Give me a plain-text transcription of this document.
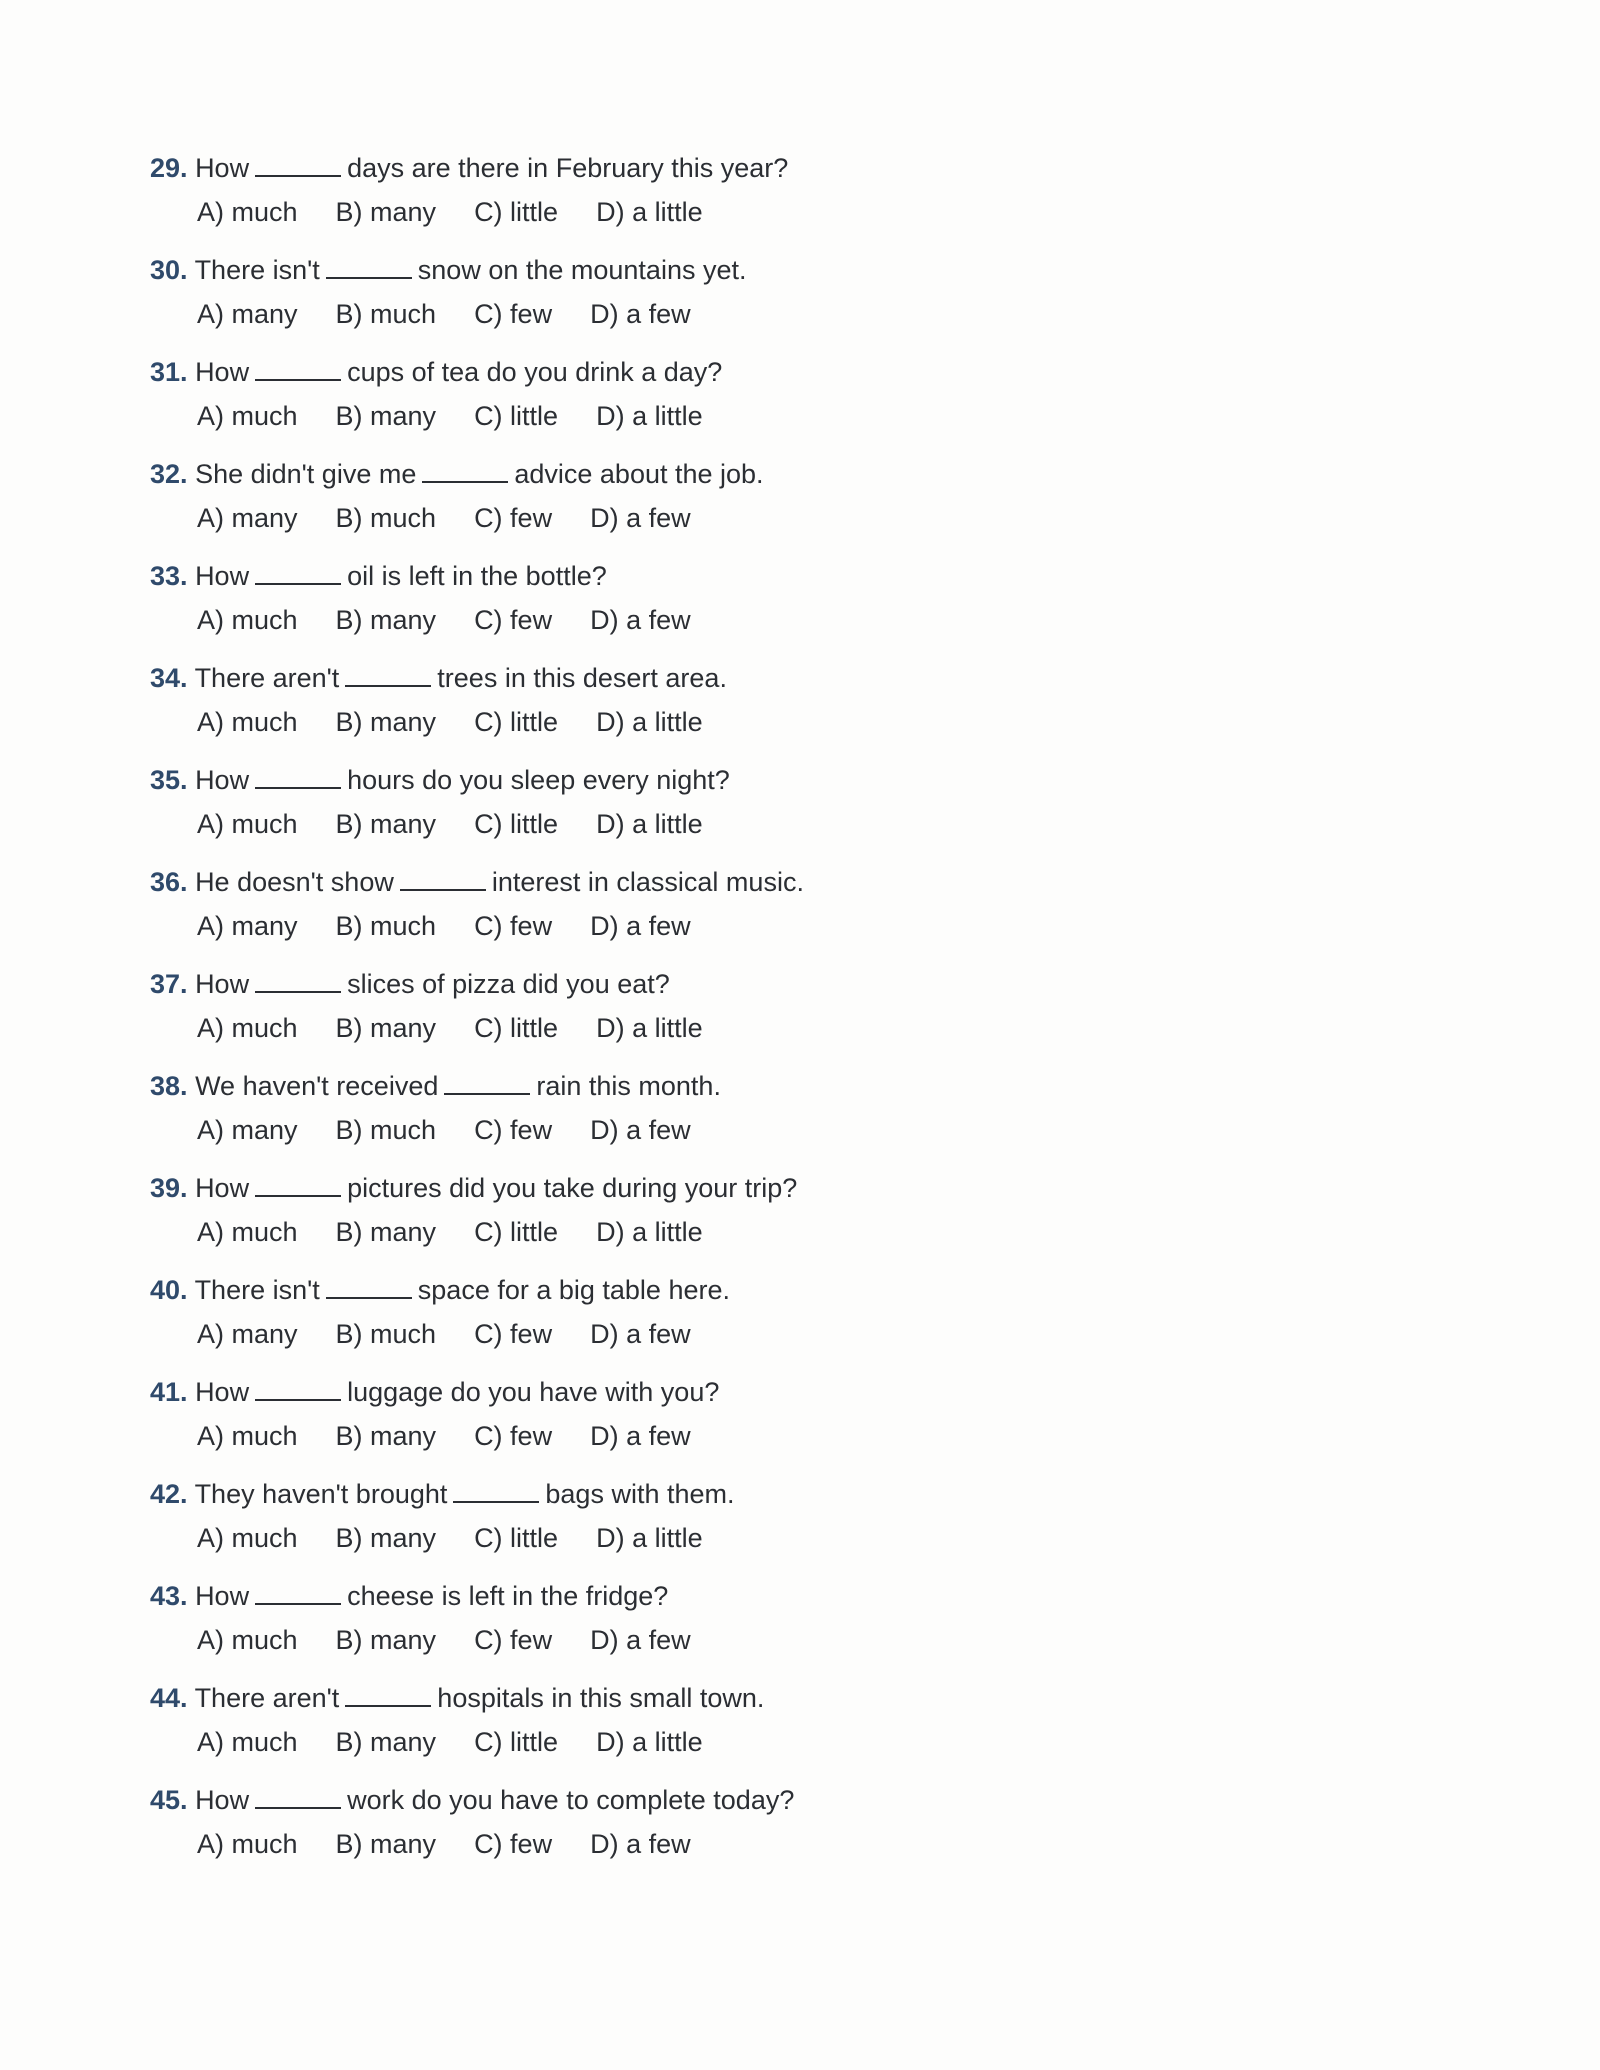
29. How	days are there in February this year?
A) much B) many C) little D) a little
30. There isn't	snow on the mountains yet.
A) many B) much C) few D) a few
31. How	cups of tea do you drink a day?
A) much B) many C) little D) a little
32. She didn't give me	advice about the job.
A) many B) much C) few D) a few
33. How	oil is left in the bottle?
A) much B) many C) few D) a few
34. There aren't	trees in this desert area.
A) much B) many C) little D) a little
35. How	hours do you sleep every night?
A) much B) many C) little D) a little
36. He doesn't show	interest in classical music.
A) many B) much C) few D) a few
37. How	slices of pizza did you eat?
A) much B) many C) little D) a little
38. We haven't received	rain this month.
A) many B) much C) few D) a few
39. How	pictures did you take during your trip?
A) much B) many C) little D) a little
40. There isn't	space for a big table here.
A) many B) much C) few D) a few
41. How	luggage do you have with you?
A) much B) many C) few D) a few
42. They haven't brought	bags with them.
A) much B) many C) little D) a little
43. How	cheese is left in the fridge?
A) much B) many C) few D) a few
44. There aren't	hospitals in this small town.
A) much B) many C) little D) a little
45. How	work do you have to complete today?
A) much B) many C) few D) a few
